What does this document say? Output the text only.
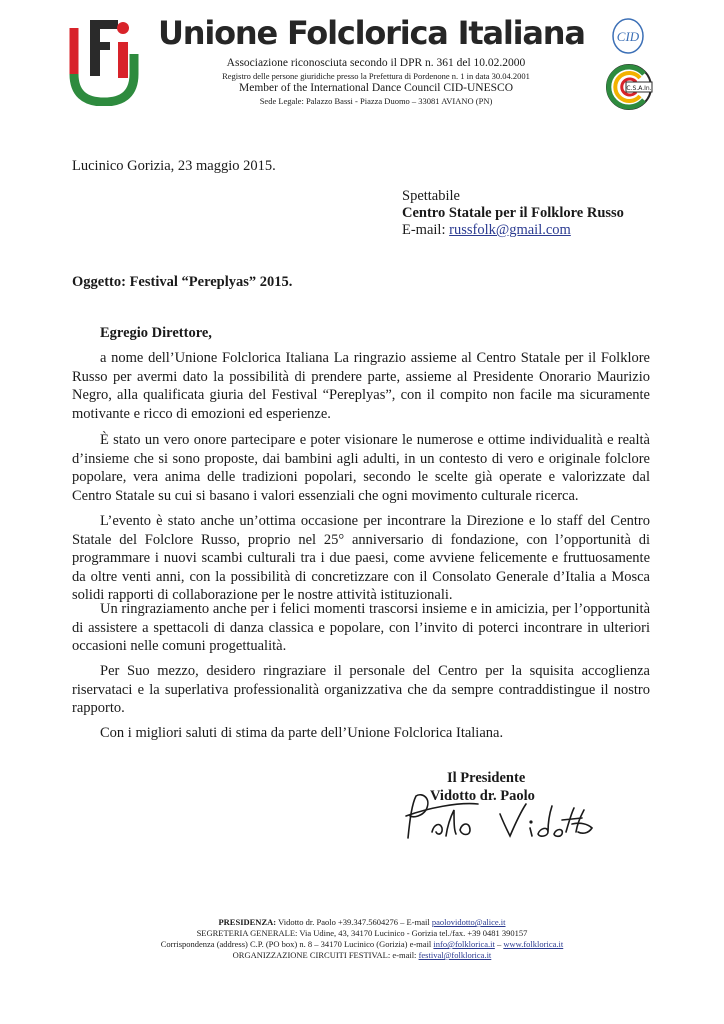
Unione Folclorica Italiana
Associazione riconosciuta secondo il DPR n. 361 del 10.02.2000
Registro delle persone giuridiche presso la Prefettura di Pordenone n. 1 in data 30.04.2001
Member of the International Dance Council CID-UNESCO
Sede Legale: Palazzo Bassi - Piazza Duomo – 33081 AVIANO (PN)
CID
C.S.A.In.
Lucinico Gorizia, 23 maggio 2015.
Spettabile
Centro Statale per il Folklore Russo
E-mail: russfolk@gmail.com
Oggetto: Festival “Pereplyas” 2015.
Egregio Direttore,

a nome dell’Unione Folclorica Italiana La ringrazio assieme al Centro Statale per il Folklore Russo per avermi dato la possibilità di prendere parte, assieme al Presidente Onorario Maurizio Negro, alla qualificata giuria del Festival “Pereplyas”, con il compito non facile ma sicuramente motivante e ricco di emozioni ed esperienze.

È stato un vero onore partecipare e poter visionare le numerose e ottime individualità e realtà d’insieme che si sono proposte, dai bambini agli adulti, in un contesto di vero e originale folclore popolare, vera anima delle tradizioni popolari, secondo le scelte già operate e valorizzate dal Centro Statale su cui si basano i valori essenziali che ogni movimento culturale ricerca.

L’evento è stato anche un’ottima occasione per incontrare la Direzione e lo staff del Centro Statale del Folclore Russo, proprio nel 25° anniversario di fondazione, con l’opportunità di programmare i nuovi scambi culturali tra i due paesi, come avviene felicemente e fruttuosamente da oltre venti anni, con la possibilità di concretizzare con il Consolato Generale d’Italia a Mosca solidi rapporti di collaborazione per le nostre attività istituzionali.

Un ringraziamento anche per i felici momenti trascorsi insieme e in amicizia, per l’opportunità di assistere a spettacoli di danza classica e popolare, con l’invito di poterci incontrare in ulteriori occasioni nelle comuni progettualità.

Per Suo mezzo, desidero ringraziare il personale del Centro per la squisita accoglienza riservataci e la superlativa professionalità organizzativa che da sempre contraddistingue il nostro rapporto.

Con i migliori saluti di stima da parte dell’Unione Folclorica Italiana.

Il Presidente
Vidotto dr. Paolo
PRESIDENZA: Vidotto dr. Paolo +39.347.5604276 – E-mail paolovidotto@alice.it
SEGRETERIA GENERALE: Via Udine, 43, 34170 Lucinico - Gorizia tel./fax. +39 0481 390157
Corrispondenza (address) C.P. (PO box) n. 8 – 34170 Lucinico (Gorizia) e-mail info@folklorica.it – www.folklorica.it
ORGANIZZAZIONE CIRCUITI FESTIVAL: e-mail: festival@folklorica.it
